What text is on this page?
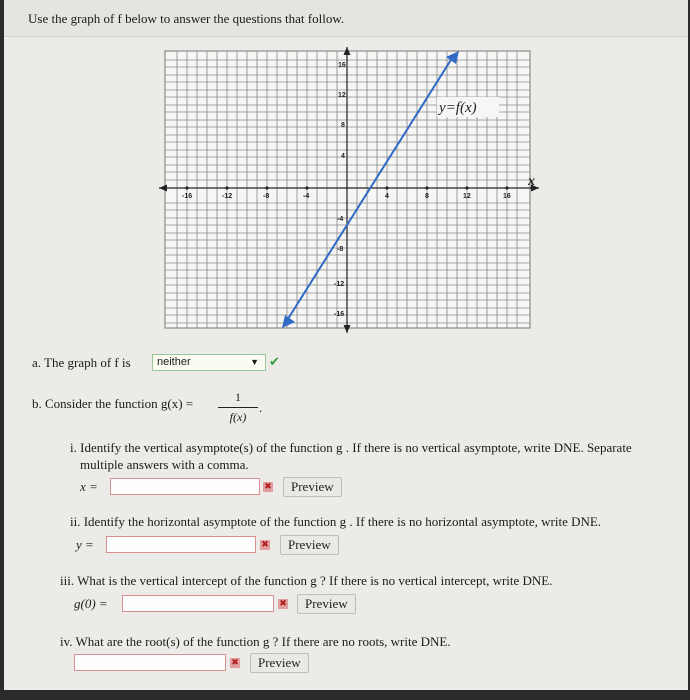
Use the graph of f below to answer the questions that follow.
-16	-12	-8	-4	4	8	12	16
16
12
8
4
-4
-8
-12
-16
y=f(x)
x
a. The graph of f is	neither	▼ ✔
b. Consider the function g(x) =	1
f(x)
.
i. Identify the vertical asymptote(s) of the function g . If there is no vertical asymptote, write DNE. Separate
multiple answers with a comma.
x =	✖	Preview
ii. Identify the horizontal asymptote of the function g . If there is no horizontal asymptote, write DNE.
y =	✖	Preview
iii. What is the vertical intercept of the function g ? If there is no vertical intercept, write DNE.
g(0) =	✖	Preview
iv. What are the root(s) of the function g ? If there are no roots, write DNE.
✖	Preview
